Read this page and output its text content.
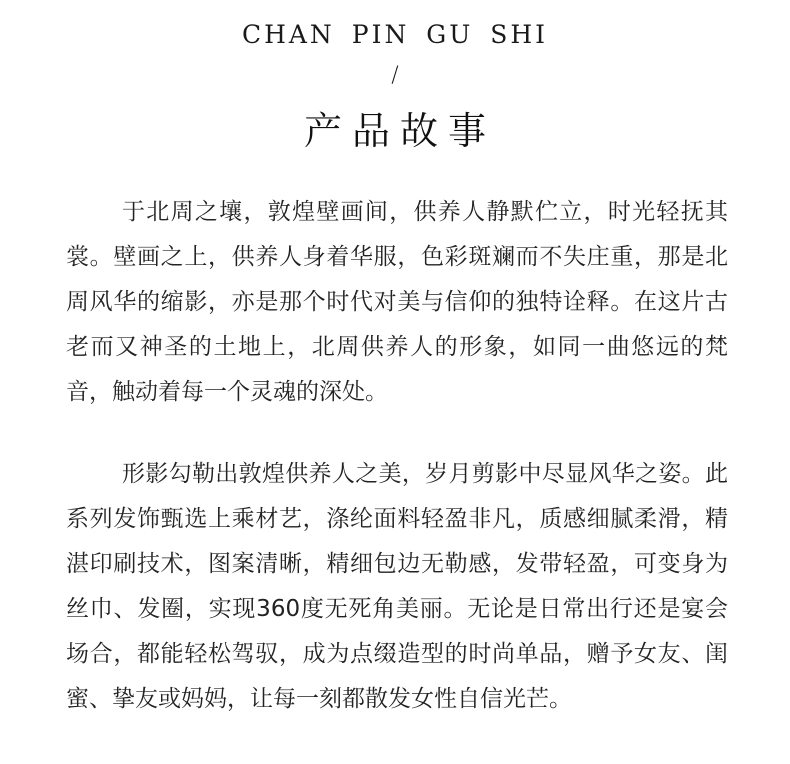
CHAN PIN GU SHI
/
产品故事

于北周之壤，敦煌壁画间，供养人静默伫立，时光轻抚其裳。壁画之上，供养人身着华服，色彩斑斓而不失庄重，那是北周风华的缩影，亦是那个时代对美与信仰的独特诠释。在这片古老而又神圣的土地上，北周供养人的形象，如同一曲悠远的梵音，触动着每一个灵魂的深处。

形影勾勒出敦煌供养人之美，岁月剪影中尽显风华之姿。此系列发饰甄选上乘材艺，涤纶面料轻盈非凡，质感细腻柔滑，精湛印刷技术，图案清晰，精细包边无勒感，发带轻盈，可变身为丝巾、发圈，实现360度无死角美丽。无论是日常出行还是宴会场合，都能轻松驾驭，成为点缀造型的时尚单品，赠予女友、闺蜜、挚友或妈妈，让每一刻都散发女性自信光芒。
